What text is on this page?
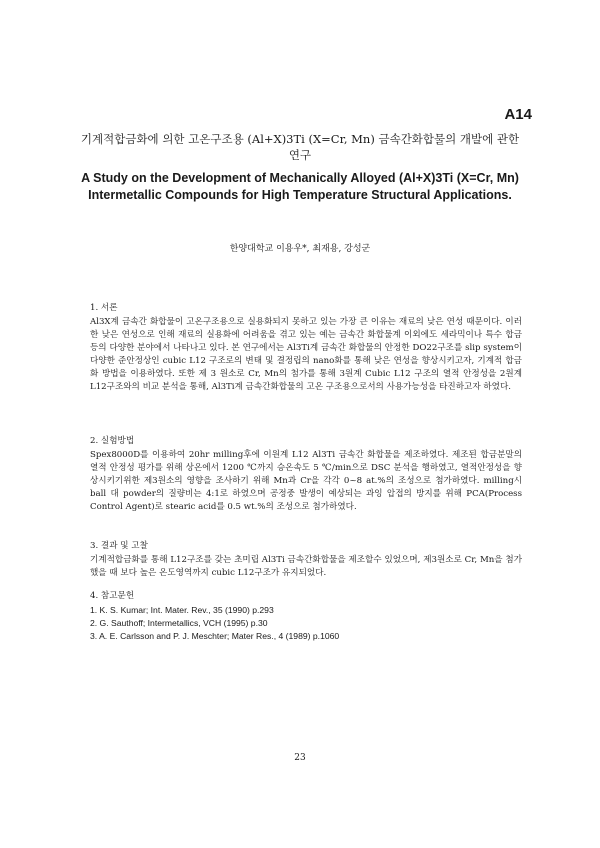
A14
기계적합금화에 의한 고온구조용 (Al+X)3Ti (X=Cr, Mn) 금속간화합물의 개발에 관한 연구
A Study on the Development of Mechanically Alloyed (Al+X)3Ti (X=Cr, Mn) Intermetallic Compounds for High Temperature Structural Applications.
한양대학교 이용우*, 최재용, 강성군
1. 서론
Al3X계 금속간 화합물이 고온구조용으로 실용화되지 못하고 있는 가장 큰 이유는 재료의 낮은 연성 때문이다. 이러한 낮은 연성으로 인해 재료의 실용화에 어려움을 겪고 있는 예는 금속간 화합물계 이외에도 세라믹이나 특수 합금 등의 다양한 분야에서 나타나고 있다. 본 연구에서는 Al3Ti계 금속간 화합물의 안정한 DO22구조를 slip system이 다양한 준안정상인 cubic L12 구조로의 변태 및 결정립의 nano화를 통해 낮은 연성을 향상시키고자, 기계적 합금화 방법을 이용하였다. 또한 제 3 원소로 Cr, Mn의 첨가를 통해 3원계 Cubic L12 구조의 열적 안정성을 2원계 L12구조와의 비교 분석을 통해, Al3Ti계 금속간화합물의 고온 구조용으로서의 사용가능성을 타진하고자 하였다.
2. 실험방법
Spex8000D를 이용하여 20hr milling후에 이원계 L12 Al3Ti 금속간 화합물을 제조하였다. 제조된 합금분말의 열적 안정성 평가를 위해 상온에서 1200 ℃까지 승온속도 5 ℃/min으로 DSC 분석을 행하였고, 열적안정성을 향상시키기위한 제3원소의 영향을 조사하기 위해 Mn과 Cr을 각각 0~8 at.%의 조성으로 첨가하였다. milling시 ball 대 powder의 질량비는 4:1로 하였으며 공정중 발생이 예상되는 과잉 압접의 방지를 위해 PCA(Process Control Agent)로 stearic acid를 0.5 wt.%의 조성으로 첨가하였다.
3. 결과 및 고찰
기계적합금화를 통해 L12구조를 갖는 초미립 Al3Ti 금속간화합물을 제조할수 있었으며, 제3원소로 Cr, Mn을 첨가했을 때 보다 높은 온도영역까지 cubic L12구조가 유지되었다.
4. 참고문헌
1. K. S. Kumar; Int. Mater. Rev., 35 (1990) p.293
2. G. Sauthoff; Intermetallics, VCH (1995) p.30
3. A. E. Carlsson and P. J. Meschter; Mater Res., 4 (1989) p.1060
23
